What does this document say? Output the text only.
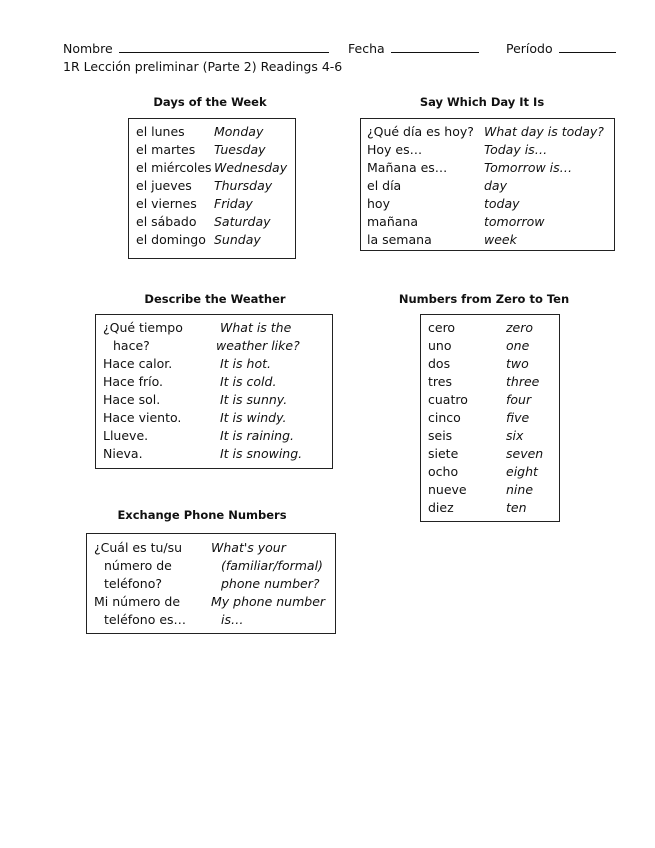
Nombre	Fecha	Período
1R Lección preliminar (Parte 2) Readings 4-6
Days of the Week
el lunes Monday
el martes Tuesday
el miércoles Wednesday
el jueves Thursday
el viernes Friday
el sábado Saturday
el domingo Sunday
Say Which Day It Is
¿Qué día es hoy? What day is today?
Hoy es…	Today is…
Mañana es…	Tomorrow is…
el día	day
hoy	today
mañana	tomorrow
la semana	week
Describe the Weather
¿Qué tiempo	What is the
hace?	weather like?
Hace calor.	It is hot.
Hace frío.	It is cold.
Hace sol.	It is sunny.
Hace viento.	It is windy.
Llueve.	It is raining.
Nieva.	It is snowing.
Numbers from Zero to Ten
cero	zero
uno	one
dos	two
tres	three
cuatro	four
cinco	five
seis	six
siete	seven
ocho	eight
nueve	nine
diez	ten
Exchange Phone Numbers
¿Cuál es tu/su What's your
número de	(familiar/formal)
teléfono?	phone number?
Mi número de My phone number
teléfono es…	is…
